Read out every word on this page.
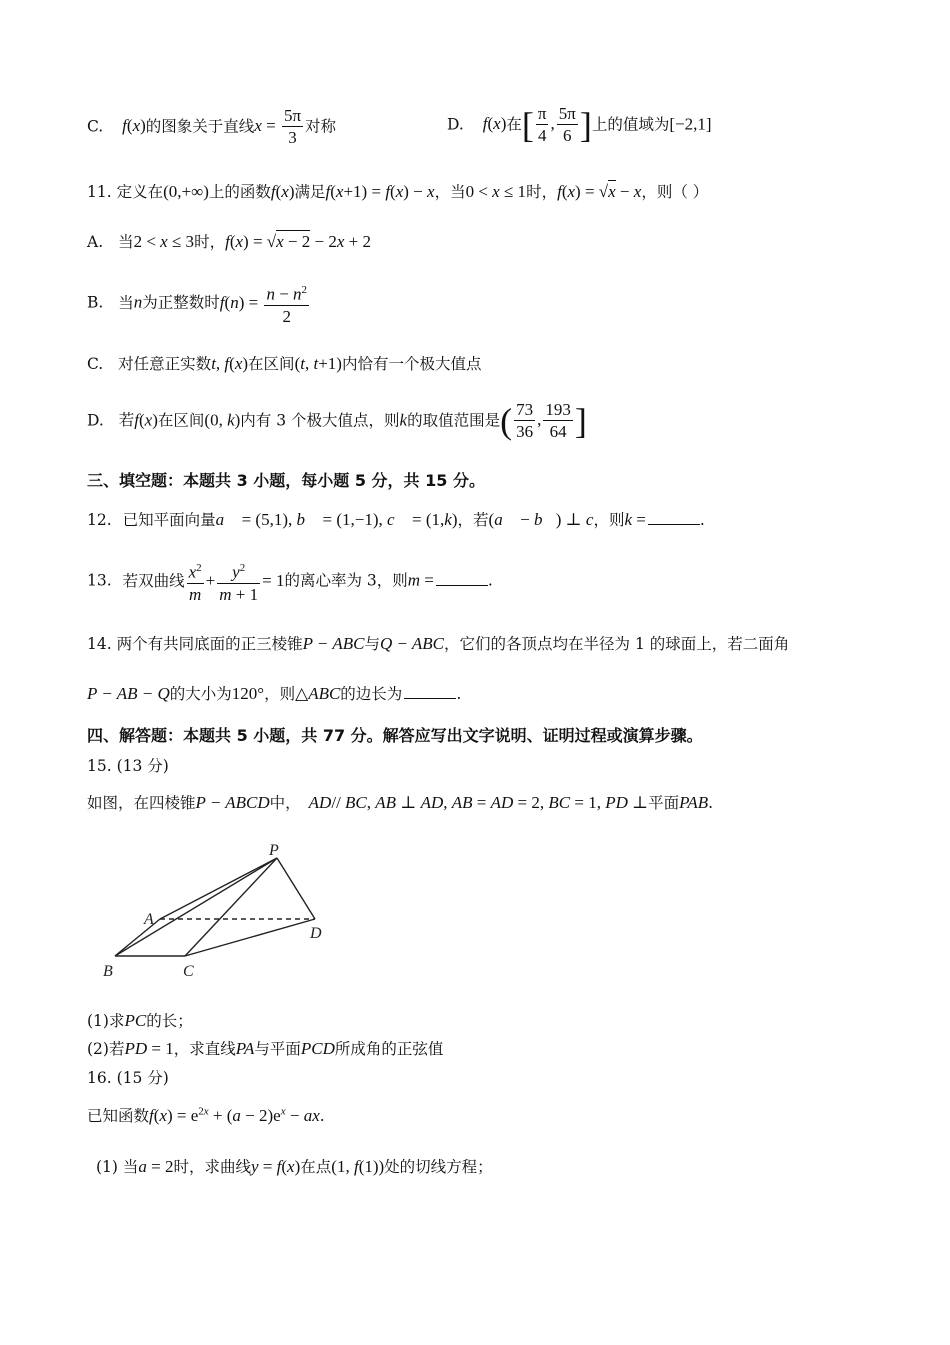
C. f(x)的图象关于直线$x = \frac{5\pi}{3}$ 对称	D. f(x)在[ $\frac{\pi}{4}$ , $\frac{5\pi}{6}$ ]上的值域为[−2,1]
11. 定义在(0,+∞)上的函数f(x)满足f(x+1) = f(x) − x，当0 < x ≤ 1时，f(x) = √x − x，则（ ）
A. 当2 < x ≤ 3时，f(x) = √x − 2 − 2x + 2
B. 当n为正整数时$f(n) = \frac{n - n^2}{2}$
C. 对任意正实数t, f(x)在区间(t, t+1)内恰有一个极大值点
D. 若f(x)在区间(0, k)内有 3 个极大值点，则k的取值范围是( $\frac{73}{36}$ , $\frac{193}{64}$ ]
三、填空题：本题共 3 小题，每小题 5 分，共 15 分。
12. 已知平面向量a⃗ = (5,1), b⃗ = (1,−1), c⃗ = (1,k)，若(a⃗ − b⃗) ⊥ c，则k =	.
13. 若双曲线 $\frac{x^2}{m} + \frac{y^2}{m + 1} = 1$的离心率为 3，则m =	.
14. 两个有共同底面的正三棱锥P − ABC与Q − ABC，它们的各顶点均在半径为 1 的球面上，若二面角
P − AB − Q的大小为120°，则△ABC的边长为	.
四、解答题：本题共 5 小题，共 77 分。解答应写出文字说明、证明过程或演算步骤。
15. (13 分)
如图，在四棱锥P − ABCD中， AD// BC, AB ⊥ AD, AB = AD = 2, BC = 1, PD ⊥平面PAB.
P
A
B	C
D
(1)求PC的长；
(2)若PD = 1，求直线PA与平面PCD所成角的正弦值
16. (15 分)
已知函数$f(x) = e^{2x} + (a - 2)e^x$ − ax.
(1) 当a = 2时，求曲线y = f(x)在点(1, f(1))处的切线方程；
